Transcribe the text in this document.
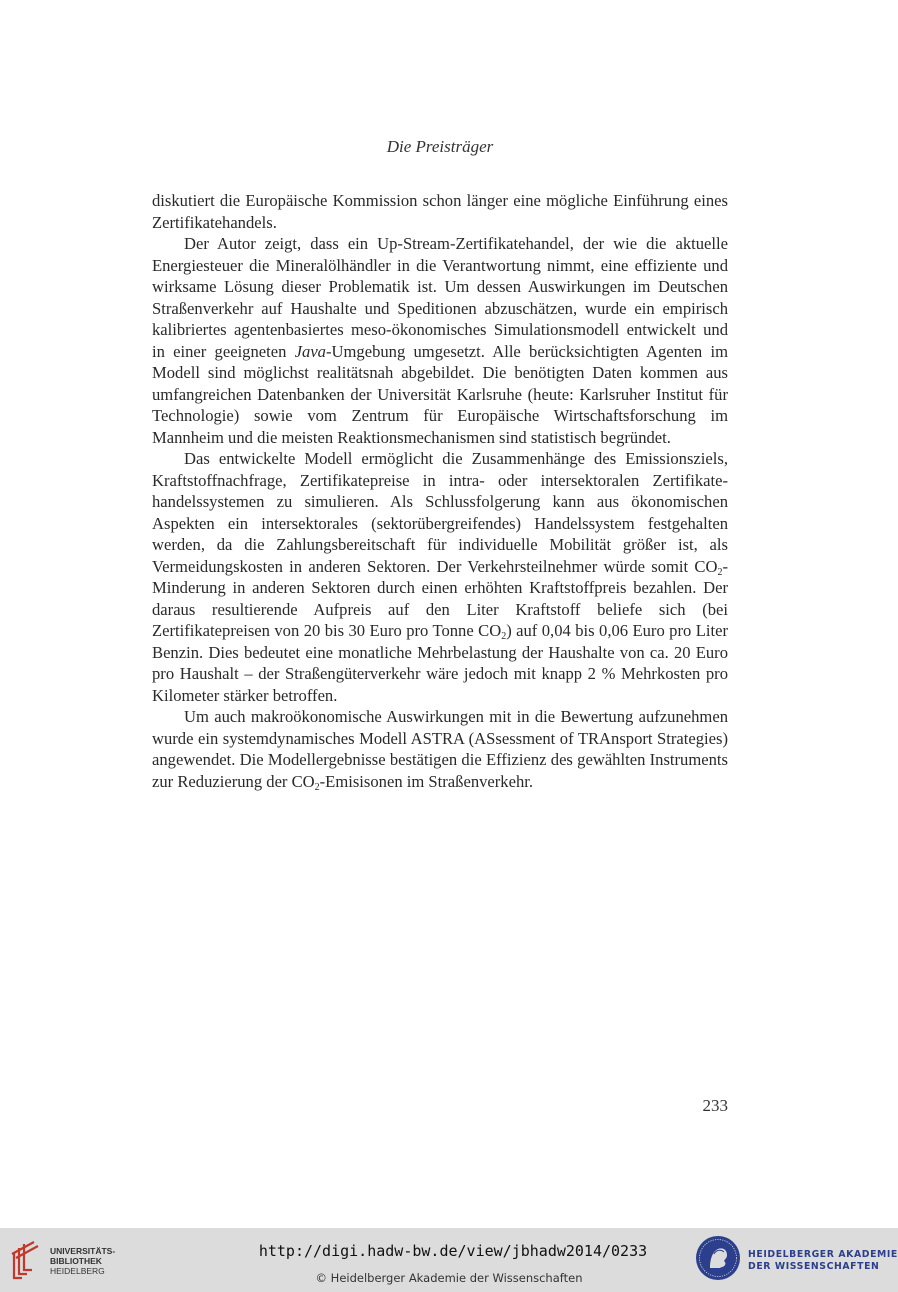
Die Preisträger

diskutiert die Europäische Kommission schon länger eine mögliche Einführung eines Zertifikatehandels.

Der Autor zeigt, dass ein Up-Stream-Zertifikatehandel, der wie die aktuelle Energiesteuer die Mineralölhändler in die Verantwortung nimmt, eine effiziente und wirksame Lösung dieser Problematik ist. Um dessen Auswirkungen im Deutschen Straßenverkehr auf Haushalte und Speditionen abzuschätzen, wurde ein empirisch kalibriertes agentenbasiertes meso-ökonomisches Simulationsmodell entwickelt und in einer geeigneten Java-Umgebung umgesetzt. Alle berücksichtigten Agenten im Modell sind möglichst realitätsnah abgebildet. Die benötigten Daten kommen aus umfangreichen Datenbanken der Universität Karlsruhe (heute: Karlsruher Institut für Technologie) sowie vom Zentrum für Europäische Wirtschaftsforschung im Mannheim und die meisten Reaktionsmechanismen sind statistisch begründet.

Das entwickelte Modell ermöglicht die Zusammenhänge des Emissionsziels, Kraftstoffnachfrage, Zertifikatepreise in intra- oder intersektoralen Zertifikatehandelssystemen zu simulieren. Als Schlussfolgerung kann aus ökonomischen Aspekten ein intersektorales (sektorübergreifendes) Handelssystem festgehalten werden, da die Zahlungsbereitschaft für individuelle Mobilität größer ist, als Vermeidungskosten in anderen Sektoren. Der Verkehrsteilnehmer würde somit $CO_2$-Minderung in anderen Sektoren durch einen erhöhten Kraftstoffpreis bezahlen. Der daraus resultierende Aufpreis auf den Liter Kraftstoff beliefe sich (bei Zertifikatepreisen von 20 bis 30 Euro pro Tonne $CO_2$) auf 0,04 bis 0,06 Euro pro Liter Benzin. Dies bedeutet eine monatliche Mehrbelastung der Haushalte von ca. 20 Euro pro Haushalt – der Straßengüterverkehr wäre jedoch mit knapp 2 % Mehrkosten pro Kilometer stärker betroffen.

Um auch makroökonomische Auswirkungen mit in die Bewertung aufzunehmen wurde ein systemdynamisches Modell ASTRA (ASsessment of TRAnsport Strategies) angewendet. Die Modellergebnisse bestätigen die Effizienz des gewählten Instruments zur Reduzierung der $CO_2$-Emisisonen im Straßenverkehr.

233
UNIVERSITÄTS-
BIBLIOTHEK
HEIDELBERG
http://digi.hadw-bw.de/view/jbhadw2014/0233
© Heidelberger Akademie der Wissenschaften
HEIDELBERGER AKADEMIE
DER WISSENSCHAFTEN
